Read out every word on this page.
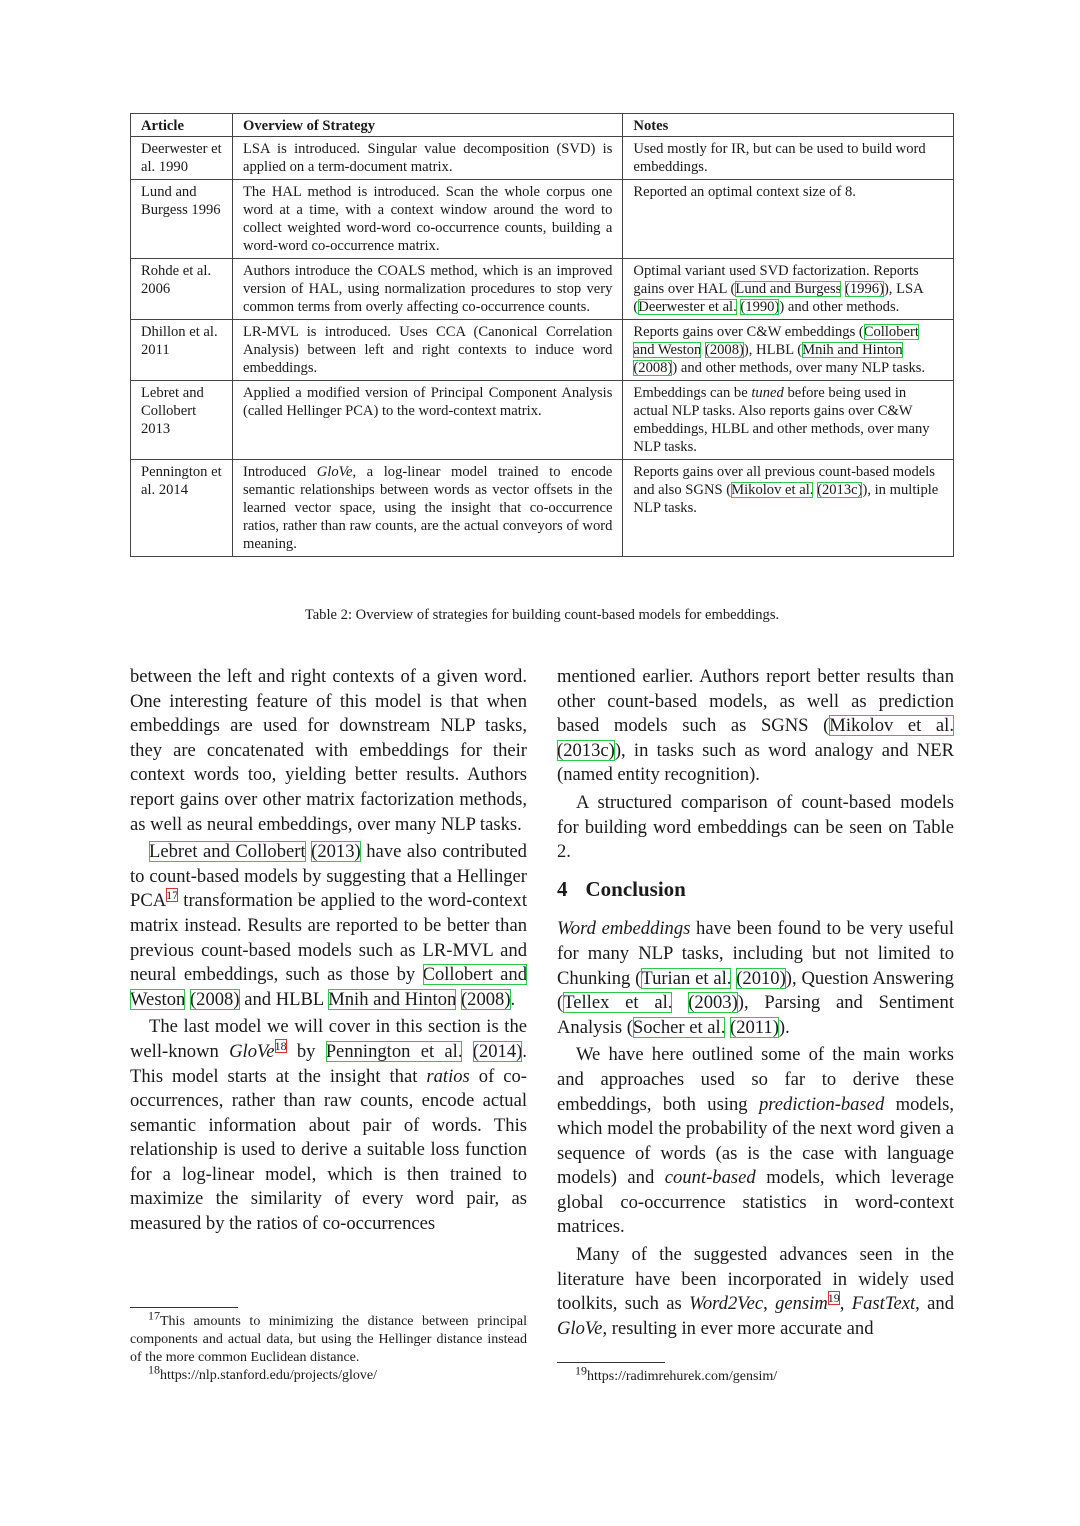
Article	Overview of Strategy	Notes
Deerwester et al. 1990	LSA is introduced. Singular value decomposition (SVD) is applied on a term-document matrix.	Used mostly for IR, but can be used to build word embeddings.
Lund and Burgess 1996	The HAL method is introduced. Scan the whole corpus one word at a time, with a context window around the word to collect weighted word-word co-occurrence counts, building a word-word co-occurrence matrix.	Reported an optimal context size of 8.
Rohde et al. 2006	Authors introduce the COALS method, which is an improved version of HAL, using normalization procedures to stop very common terms from overly affecting co-occurrence counts.	Optimal variant used SVD factorization. Reports gains over HAL (Lund and Burgess (1996)), LSA (Deerwester et al. (1990)) and other methods.
Dhillon et al. 2011	LR-MVL is introduced. Uses CCA (Canonical Correlation Analysis) between left and right contexts to induce word embeddings.	Reports gains over C&W embeddings (Collobert and Weston (2008)), HLBL (Mnih and Hinton (2008)) and other methods, over many NLP tasks.
Lebret and Collobert 2013	Applied a modified version of Principal Component Analysis (called Hellinger PCA) to the word-context matrix.	Embeddings can be tuned before being used in actual NLP tasks. Also reports gains over C&W embeddings, HLBL and other methods, over many NLP tasks.
Pennington et al. 2014	Introduced GloVe, a log-linear model trained to encode semantic relationships between words as vector offsets in the learned vector space, using the insight that co-occurrence ratios, rather than raw counts, are the actual conveyors of word meaning.	Reports gains over all previous count-based models and also SGNS (Mikolov et al. (2013c)), in multiple NLP tasks.
Table 2: Overview of strategies for building count-based models for embeddings.

between the left and right contexts of a given word. One interesting feature of this model is that when embeddings are used for downstream NLP tasks, they are concatenated with embeddings for their context words too, yielding better results. Authors report gains over other matrix factorization methods, as well as neural embeddings, over many NLP tasks.

Lebret and Collobert (2013) have also contributed to count-based models by suggesting that a Hellinger PCA$^{17}$ transformation be applied to the word-context matrix instead. Results are reported to be better than previous count-based models such as LR-MVL and neural embeddings, such as those by Collobert and Weston (2008) and HLBL Mnih and Hinton (2008).

The last model we will cover in this section is the well-known GloVe$^{18}$ by Pennington et al. (2014). This model starts at the insight that ratios of co-occurrences, rather than raw counts, encode actual semantic information about pair of words. This relationship is used to derive a suitable loss function for a log-linear model, which is then trained to maximize the similarity of every word pair, as measured by the ratios of co-occurrences

17This amounts to minimizing the distance between principal components and actual data, but using the Hellinger distance instead of the more common Euclidean distance.

18https://nlp.stanford.edu/projects/glove/

mentioned earlier. Authors report better results than other count-based models, as well as prediction based models such as SGNS (Mikolov et al. (2013c)), in tasks such as word analogy and NER (named entity recognition).

A structured comparison of count-based models for building word embeddings can be seen on Table 2.

4 Conclusion

Word embeddings have been found to be very useful for many NLP tasks, including but not limited to Chunking (Turian et al. (2010)), Question Answering (Tellex et al. (2003)), Parsing and Sentiment Analysis (Socher et al. (2011)).

We have here outlined some of the main works and approaches used so far to derive these embeddings, both using prediction-based models, which model the probability of the next word given a sequence of words (as is the case with language models) and count-based models, which leverage global co-occurrence statistics in word-context matrices.

Many of the suggested advances seen in the literature have been incorporated in widely used toolkits, such as Word2Vec, gensim$^{19}$, FastText, and GloVe, resulting in ever more accurate and

19https://radimrehurek.com/gensim/
